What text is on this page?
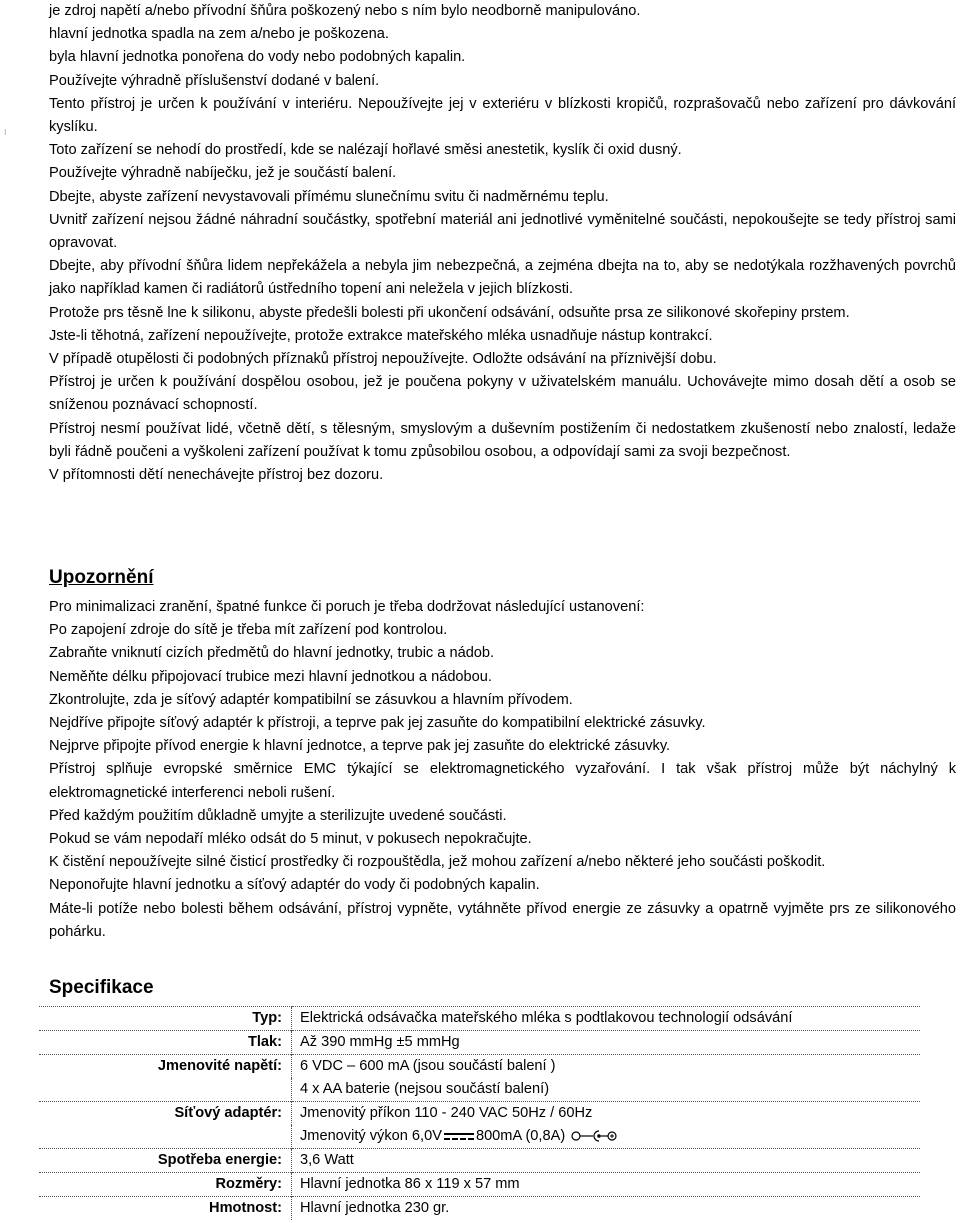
⁝

je zdroj napětí a/nebo přívodní šňůra poškozený nebo s ním bylo neodborně manipulováno.

hlavní jednotka spadla na zem a/nebo je poškozena.

byla hlavní jednotka ponořena do vody nebo podobných kapalin.

Používejte výhradně příslušenství dodané v balení.

Tento přístroj je určen k používání v interiéru. Nepoužívejte jej v exteriéru v blízkosti kropičů, rozprašovačů nebo zařízení pro dávkování kyslíku.

Toto zařízení se nehodí do prostředí, kde se nalézají hořlavé směsi anestetik, kyslík či oxid dusný.

Používejte výhradně nabíječku, jež je součástí balení.

Dbejte, abyste zařízení nevystavovali přímému slunečnímu svitu či nadměrnému teplu.

Uvnitř zařízení nejsou žádné náhradní součástky, spotřební materiál ani jednotlivé vyměnitelné součásti, nepokoušejte se tedy přístroj sami opravovat.

Dbejte, aby přívodní šňůra lidem nepřekážela a nebyla jim nebezpečná, a zejména dbejta na to, aby se nedotýkala rozžhavených povrchů jako například kamen či radiátorů ústředního topení ani neležela v jejich blízkosti.

Protože prs těsně lne k silikonu, abyste předešli bolesti při ukončení odsávání, odsuňte prsa ze silikonové skořepiny prstem.

Jste-li těhotná, zařízení nepoužívejte, protože extrakce mateřského mléka usnadňuje nástup kontrakcí.

V případě otupělosti či podobných příznaků přístroj nepoužívejte. Odložte odsávání na příznivější dobu.

Přístroj je určen k používání dospělou osobou, jež je poučena pokyny v uživatelském manuálu. Uchovávejte mimo dosah dětí a osob se sníženou poznávací schopností.

Přístroj nesmí používat lidé, včetně dětí, s tělesným, smyslovým a duševním postižením či nedostatkem zkušeností nebo znalostí, ledaže byli řádně poučeni a vyškoleni zařízení používat k tomu způsobilou osobou, a odpovídají sami za svoji bezpečnost.

V přítomnosti dětí nenechávejte přístroj bez dozoru.

Upozornění

Pro minimalizaci zranění, špatné funkce či poruch je třeba dodržovat následující ustanovení:

Po zapojení zdroje do sítě je třeba mít zařízení pod kontrolou.

Zabraňte vniknutí cizích předmětů do hlavní jednotky, trubic a nádob.

Neměňte délku připojovací trubice mezi hlavní jednotkou a nádobou.

Zkontrolujte, zda je síťový adaptér kompatibilní se zásuvkou a hlavním přívodem.

Nejdříve připojte síťový adaptér k přístroji, a teprve pak jej zasuňte do kompatibilní elektrické zásuvky.

Nejprve připojte přívod energie k hlavní jednotce, a teprve pak jej zasuňte do elektrické zásuvky.

Přístroj splňuje evropské směrnice EMC týkající se elektromagnetického vyzařování. I tak však přístroj může být náchylný k elektromagnetické interferenci neboli rušení.

Před každým použitím důkladně umyjte a sterilizujte uvedené součásti.

Pokud se vám nepodaří mléko odsát do 5 minut, v pokusech nepokračujte.

K čistění nepoužívejte silné čisticí prostředky či rozpouštědla, jež mohou zařízení a/nebo některé jeho součásti poškodit.

Neponořujte hlavní jednotku a síťový adaptér do vody či podobných kapalin.

Máte-li potíže nebo bolesti během odsávání, přístroj vypněte, vytáhněte přívod energie ze zásuvky a opatrně vyjměte prs ze silikonového pohárku.

Specifikace
Typ:	Elektrická odsávačka mateřského mléka s podtlakovou technologií odsávání
Tlak:	Až 390 mmHg ±5 mmHg
Jmenovité napětí:	6 VDC – 600 mA (jsou součástí balení )
	4 x AA baterie (nejsou součástí balení)
Síťový adaptér:	Jmenovitý příkon 110 - 240 VAC 50Hz / 60Hz
	Jmenovitý výkon 6,0V 800mA (0,8A)
Spotřeba energie:	3,6 Watt
Rozměry:	Hlavní jednotka 86 x 119 x 57 mm
Hmotnost:	Hlavní jednotka 230 gr.
